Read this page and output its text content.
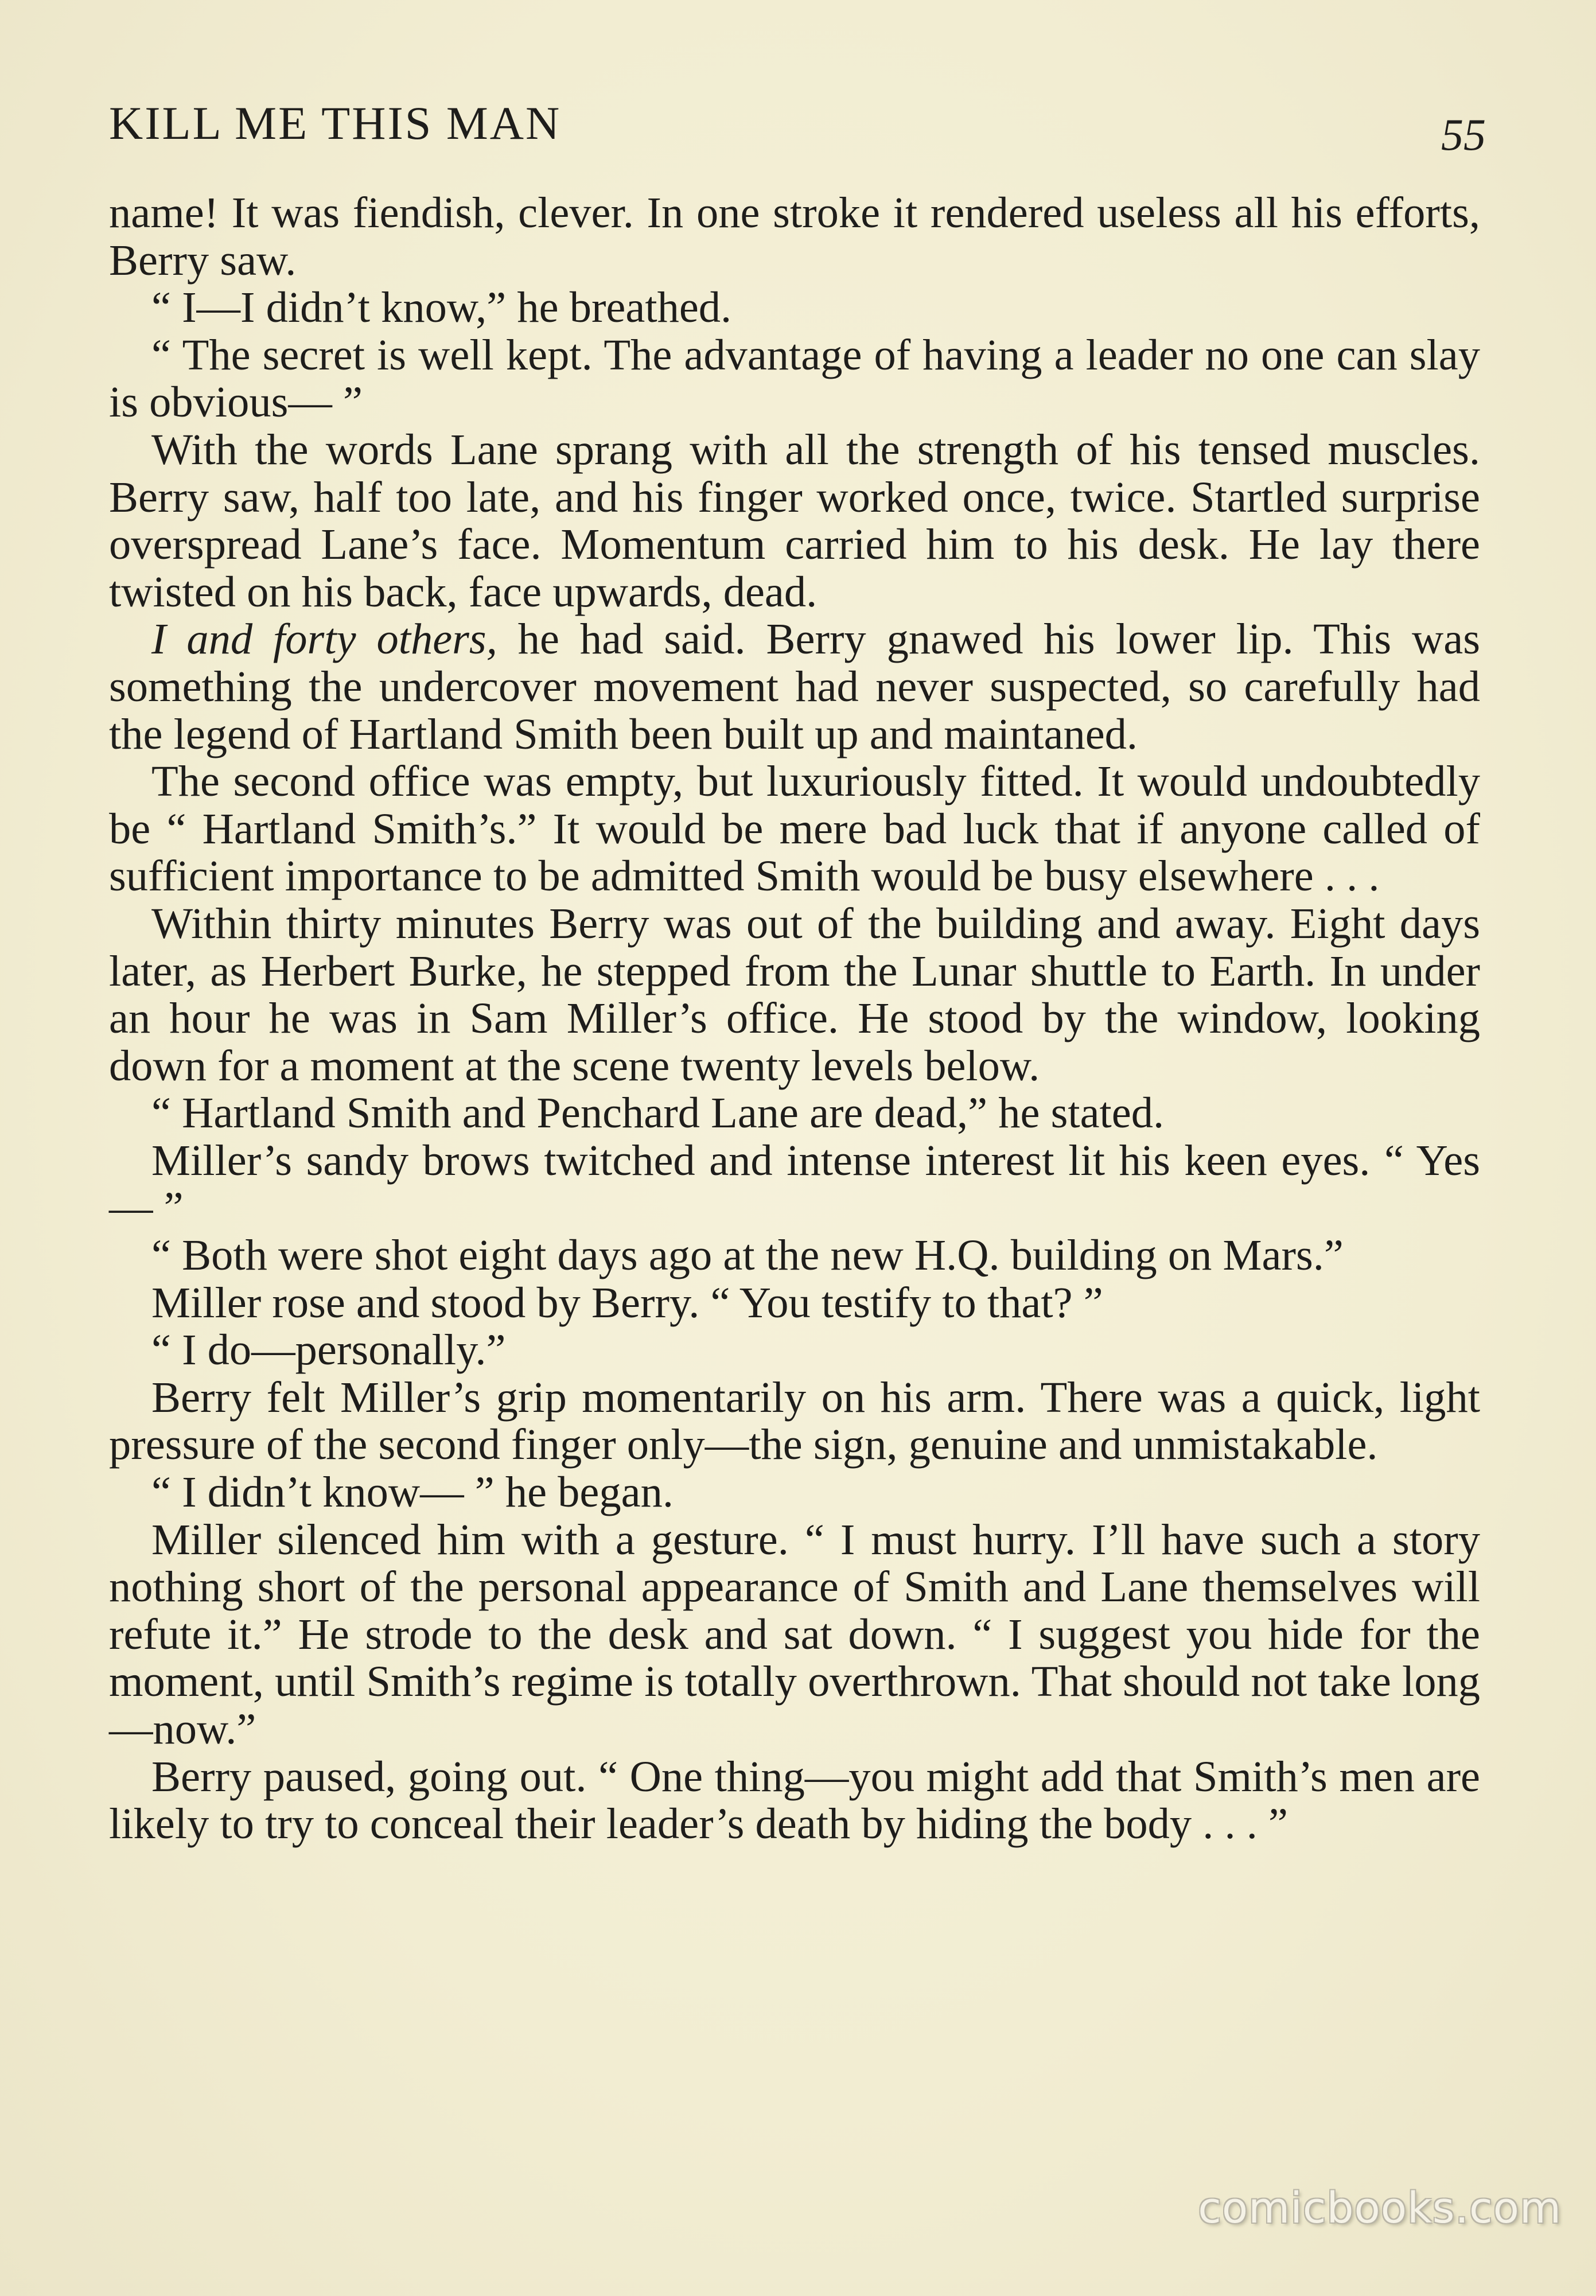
KILL ME THIS MAN	55

name! It was fiendish, clever. In one stroke it rendered useless all his efforts, Berry saw.

“ I—I didn’t know,” he breathed.

“ The secret is well kept. The advantage of having a leader no one can slay is obvious— ”

With the words Lane sprang with all the strength of his tensed muscles. Berry saw, half too late, and his finger worked once, twice. Startled surprise overspread Lane’s face. Momentum carried him to his desk. He lay there twisted on his back, face upwards, dead.

I and forty others, he had said. Berry gnawed his lower lip. This was something the undercover movement had never suspected, so carefully had the legend of Hartland Smith been built up and maintaned.

The second office was empty, but luxuriously fitted. It would undoubtedly be “ Hartland Smith’s.” It would be mere bad luck that if anyone called of sufficient importance to be admitted Smith would be busy elsewhere . . .

Within thirty minutes Berry was out of the building and away. Eight days later, as Herbert Burke, he stepped from the Lunar shuttle to Earth. In under an hour he was in Sam Miller’s office. He stood by the window, looking down for a moment at the scene twenty levels below.

“ Hartland Smith and Penchard Lane are dead,” he stated.

Miller’s sandy brows twitched and intense interest lit his keen eyes. “ Yes— ”

“ Both were shot eight days ago at the new H.Q. building on Mars.”

Miller rose and stood by Berry. “ You testify to that? ”

“ I do—personally.”

Berry felt Miller’s grip momentarily on his arm. There was a quick, light pressure of the second finger only—the sign, genuine and unmistakable.

“ I didn’t know— ” he began.

Miller silenced him with a gesture. “ I must hurry. I’ll have such a story nothing short of the personal appearance of Smith and Lane themselves will refute it.” He strode to the desk and sat down. “ I suggest you hide for the moment, until Smith’s regime is totally overthrown. That should not take long—now.”

Berry paused, going out. “ One thing—you might add that Smith’s men are likely to try to conceal their leader’s death by hiding the body . . . ”

comicbooks.com
